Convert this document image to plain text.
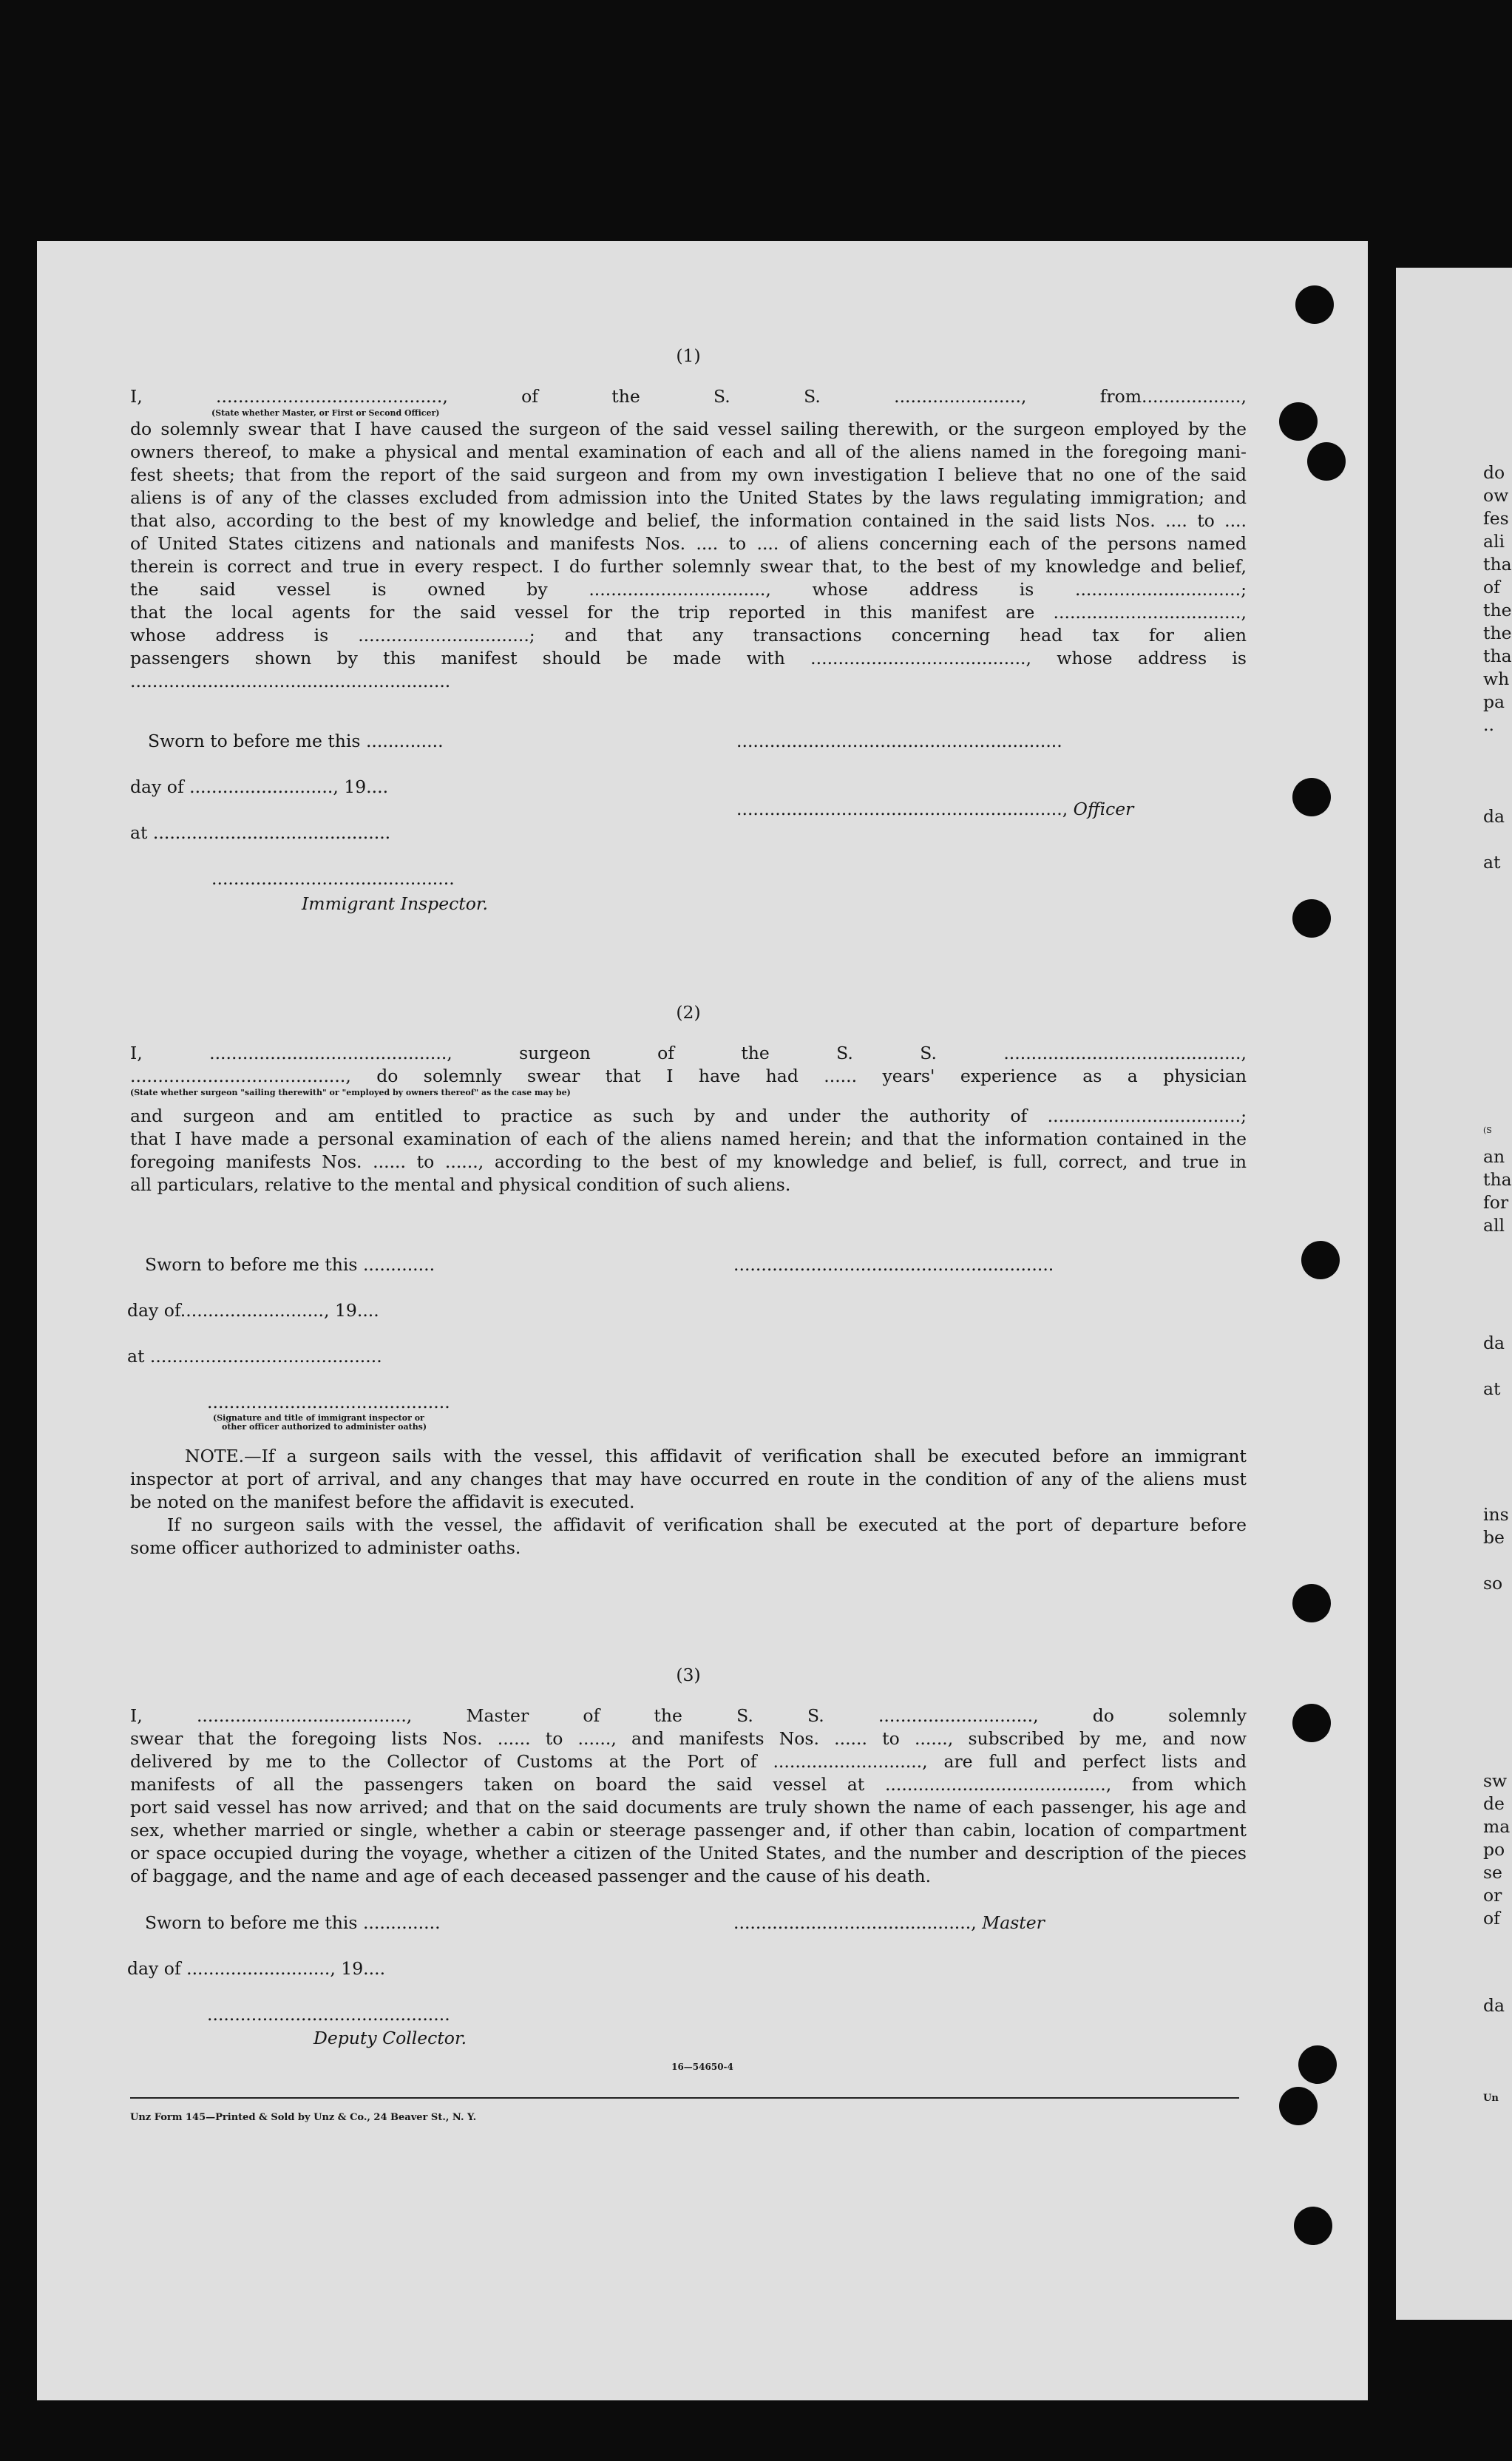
do
ow
fes
ali
tha
of
the
the
tha
wh
pa
..
da
at
(S
an
tha
for
all
da
at
ins
be
so
sw
de
ma
po
se
or
of
da
Un
(1)
I, ........................................., of the S. S. ......................., from..................,
(State whether Master, or First or Second Officer)
do solemnly swear that I have caused the surgeon of the said vessel sailing therewith, or the surgeon employed by the
owners thereof, to make a physical and mental examination of each and all of the aliens named in the foregoing mani-
fest sheets; that from the report of the said surgeon and from my own investigation I believe that no one of the said
aliens is of any of the classes excluded from admission into the United States by the laws regulating immigration; and
that also, according to the best of my knowledge and belief, the information contained in the said lists Nos. .... to ....
of United States citizens and nationals and manifests Nos. .... to .... of aliens concerning each of the persons named
therein is correct and true in every respect. I do further solemnly swear that, to the best of my knowledge and belief,
the said vessel is owned by ................................, whose address is ..............................;
that the local agents for the said vessel for the trip reported in this manifest are ..................................,
whose address is ...............................; and that any transactions concerning head tax for alien
passengers shown by this manifest should be made with ......................................., whose address is
..........................................................
Sworn to before me this ..............
day of .........................., 19....
at ...........................................
............................................
Immigrant Inspector.
...........................................................
..........................................................., Officer
(2)
I, ..........................................., surgeon of the S. S. ...........................................,
......................................., do solemnly swear that I have had ...... years' experience as a physician
(State whether surgeon "sailing therewith" or "employed by owners thereof" as the case may be)
and surgeon and am entitled to practice as such by and under the authority of ...................................;
that I have made a personal examination of each of the aliens named herein; and that the information contained in the
foregoing manifests Nos. ...... to ......, according to the best of my knowledge and belief, is full, correct, and true in
all particulars, relative to the mental and physical condition of such aliens.
Sworn to before me this .............
day of.........................., 19....
at ..........................................
............................................
(Signature and title of immigrant inspector or
other officer authorized to administer oaths)
..........................................................
NOTE.—If a surgeon sails with the vessel, this affidavit of verification shall be executed before an immigrant
inspector at port of arrival, and any changes that may have occurred en route in the condition of any of the aliens must
be noted on the manifest before the affidavit is executed.
If no surgeon sails with the vessel, the affidavit of verification shall be executed at the port of departure before
some officer authorized to administer oaths.
(3)
I, ......................................, Master of the S. S. ............................, do solemnly
swear that the foregoing lists Nos. ...... to ......, and manifests Nos. ...... to ......, subscribed by me, and now
delivered by me to the Collector of Customs at the Port of ..........................., are full and perfect lists and
manifests of all the passengers taken on board the said vessel at ........................................, from which
port said vessel has now arrived; and that on the said documents are truly shown the name of each passenger, his age and
sex, whether married or single, whether a cabin or steerage passenger and, if other than cabin, location of compartment
or space occupied during the voyage, whether a citizen of the United States, and the number and description of the pieces
of baggage, and the name and age of each deceased passenger and the cause of his death.
Sworn to before me this ..............
day of .........................., 19....
............................................
Deputy Collector.
..........................................., Master
16—54650-4
Unz Form 145—Printed & Sold by Unz & Co., 24 Beaver St., N. Y.
